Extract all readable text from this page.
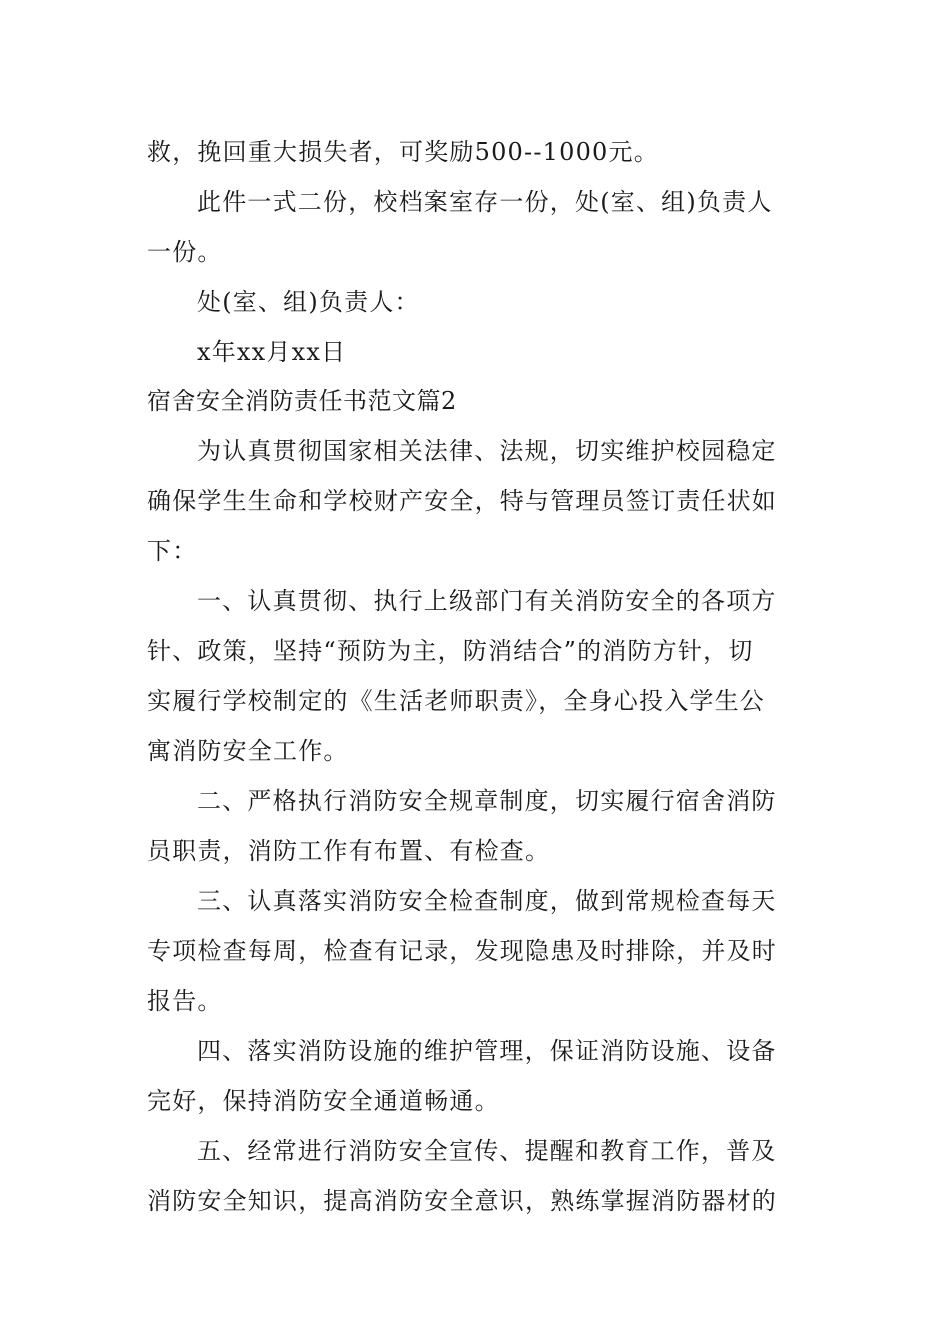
救，挽回重大损失者，可奖励500--1000元。
此件一式二份，校档案室存一份，处(室、组)负责人
一份。
处(室、组)负责人：
x年xx月xx日
宿舍安全消防责任书范文篇2
为认真贯彻国家相关法律、法规，切实维护校园稳定
确保学生生命和学校财产安全，特与管理员签订责任状如
下：
一、认真贯彻、执行上级部门有关消防安全的各项方
针、政策，坚持“预防为主，防消结合”的消防方针，切
实履行学校制定的《生活老师职责》，全身心投入学生公
寓消防安全工作。
二、严格执行消防安全规章制度，切实履行宿舍消防
员职责，消防工作有布置、有检查。
三、认真落实消防安全检查制度，做到常规检查每天
专项检查每周，检查有记录，发现隐患及时排除，并及时
报告。
四、落实消防设施的维护管理，保证消防设施、设备
完好，保持消防安全通道畅通。
五、经常进行消防安全宣传、提醒和教育工作，普及
消防安全知识，提高消防安全意识，熟练掌握消防器材的
